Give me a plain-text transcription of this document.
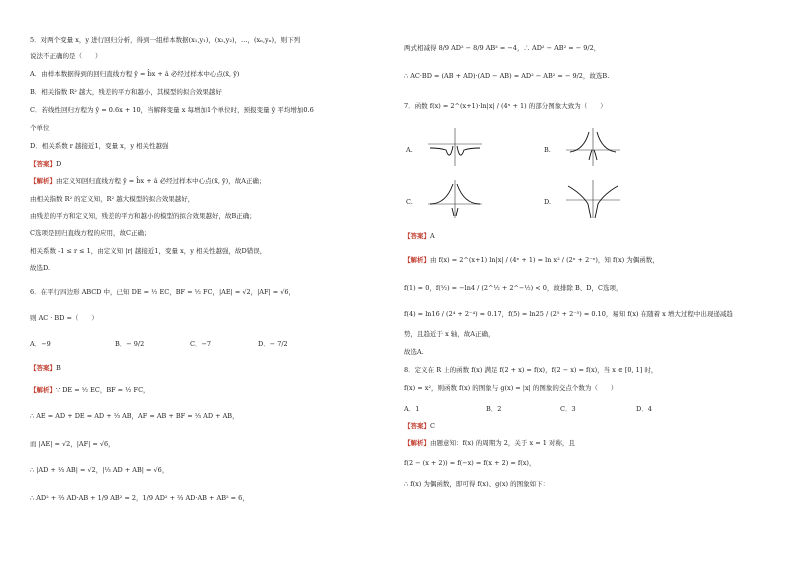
5．对两个变量 x，y 进行回归分析，得到一组样本数据(x₁,y₁)，(x₂,y₂)，…，(xₙ,yₙ)，则下列
说法不正确的是（　　）
A．由样本数据得到的回归直线方程 ŷ = b̂x + â 必经过样本中心点(x̄, ȳ)
B．相关指数 R² 越大，残差的平方和越小，其模型的拟合效果越好
C．若线性回归方程为 ŷ = 0.6x + 10，当解释变量 x 每增加1个单位时，预报变量 ŷ 平均增加0.6
个单位
D．相关系数 r 越接近1，变量 x，y 相关性越强
【答案】D
【解析】由定义知回归直线方程 ŷ = b̂x + â 必经过样本中心点(x̄, ȳ)，故A正确；
由相关指数 R² 的定义知，R² 越大模型的拟合效果越好，
由残差的平方和定义知，残差的平方和越小的模型的拟合效果越好，故B正确；
C选项是回归直线方程的应用，故C正确；
相关系数 -1 ≤ r ≤ 1，由定义知 |r| 越接近1，变量 x，y 相关性越强，故D错误，
故选D.
6．在平行四边形 ABCD 中，已知 DE = ½ EC，BF = ½ FC，|AE| = √2，|AF| = √6，
则 AC · BD =（　　）
A．−9	B．− 9/2	C．−7	D．− 7/2
【答案】B
【解析】∵ DE = ½ EC，BF = ½ FC，
∴ AE = AD + DE = AD + ⅓ AB，AF = AB + BF = ⅓ AD + AB，
而 |AE| = √2，|AF| = √6，
∴ |AD + ⅓ AB| = √2，|⅓ AD + AB| = √6，
∴ AD² + ⅔ AD·AB + 1/9 AB² = 2，1/9 AD² + ⅔ AD·AB + AB² = 6，
两式相减得 8/9 AD² − 8/9 AB² = −4，∴ AD² − AB² = − 9/2，
∴ AC·BD = (AB + AD)·(AD − AB) = AD² − AB² = − 9/2，故选B.
7．函数 f(x) = 2^(x+1)·ln|x| / (4ˣ + 1) 的部分图象大致为（　　）
A.	B.
C.	D.
【答案】A
【解析】由 f(x) = 2^(x+1) ln|x| / (4ˣ + 1) = ln x² / (2ˣ + 2⁻ˣ)，知 f(x) 为偶函数，
f(1) = 0，f(½) = −ln4 / (2^½ + 2^−½) < 0，故排除 B、D，C选项，
f(4) = ln16 / (2⁴ + 2⁻⁴) ≈ 0.17，f(5) = ln25 / (2⁵ + 2⁻⁵) ≈ 0.10，易知 f(x) 在随着 x 增大过程中出现递减趋
势，且趋近于 x 轴，故A正确，
故选A.
8．定义在 R 上的函数 f(x) 满足 f(2 + x) = f(x)，f(2 − x) = f(x)，当 x ∈ [0, 1] 时，
f(x) = x²，则函数 f(x) 的图象与 g(x) = |x| 的图象的交点个数为（　　）
A．1	B．2	C．3	D．4
【答案】C
【解析】由题意知：f(x) 的周期为 2，关于 x = 1 对称，且
f(2 − (x + 2)) = f(−x) = f(x + 2) = f(x)，
∴ f(x) 为偶函数，即可得 f(x)、g(x) 的图象如下：
